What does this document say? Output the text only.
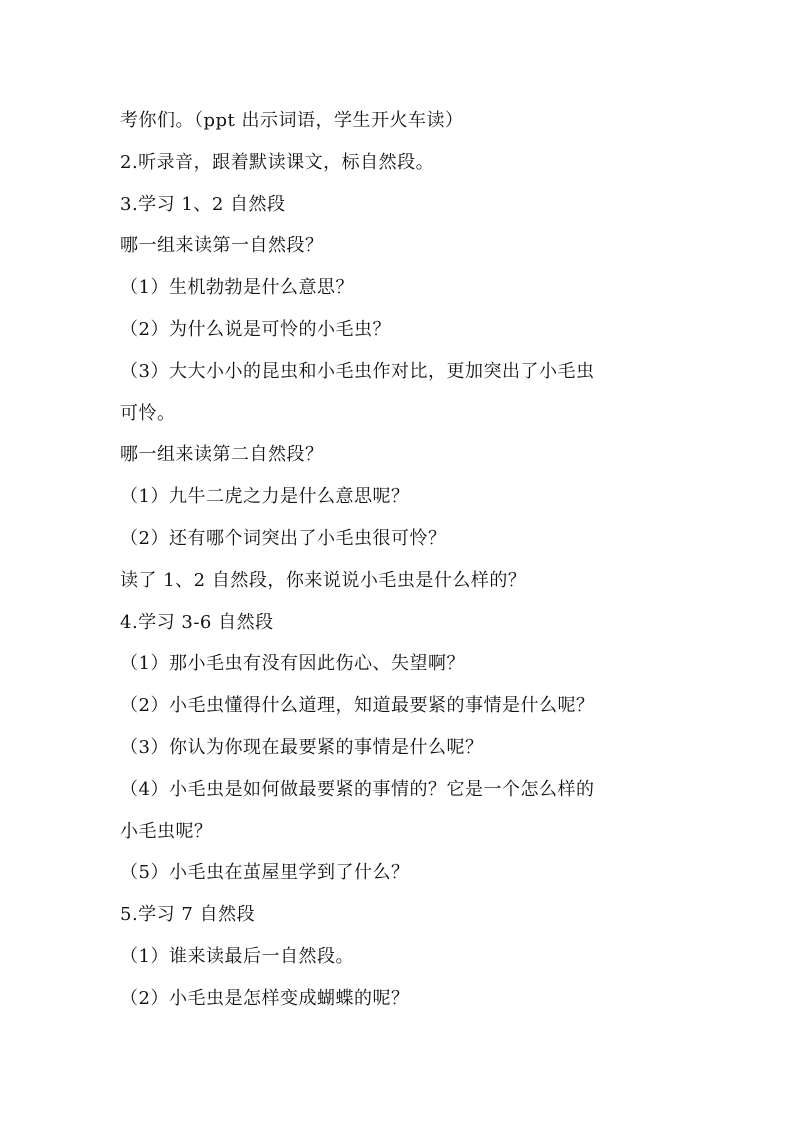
考你们。（ppt 出示词语，学生开火车读）
2.听录音，跟着默读课文，标自然段。
3.学习 1、2 自然段
哪一组来读第一自然段？
（1）生机勃勃是什么意思？
（2）为什么说是可怜的小毛虫？
（3）大大小小的昆虫和小毛虫作对比，更加突出了小毛虫
可怜。
哪一组来读第二自然段？
（1）九牛二虎之力是什么意思呢？
（2）还有哪个词突出了小毛虫很可怜？
读了 1、2 自然段，你来说说小毛虫是什么样的？
4.学习 3-6 自然段
（1）那小毛虫有没有因此伤心、失望啊？
（2）小毛虫懂得什么道理，知道最要紧的事情是什么呢？
（3）你认为你现在最要紧的事情是什么呢？
（4）小毛虫是如何做最要紧的事情的？它是一个怎么样的
小毛虫呢？
（5）小毛虫在茧屋里学到了什么？
5.学习 7 自然段
（1）谁来读最后一自然段。
（2）小毛虫是怎样变成蝴蝶的呢？
